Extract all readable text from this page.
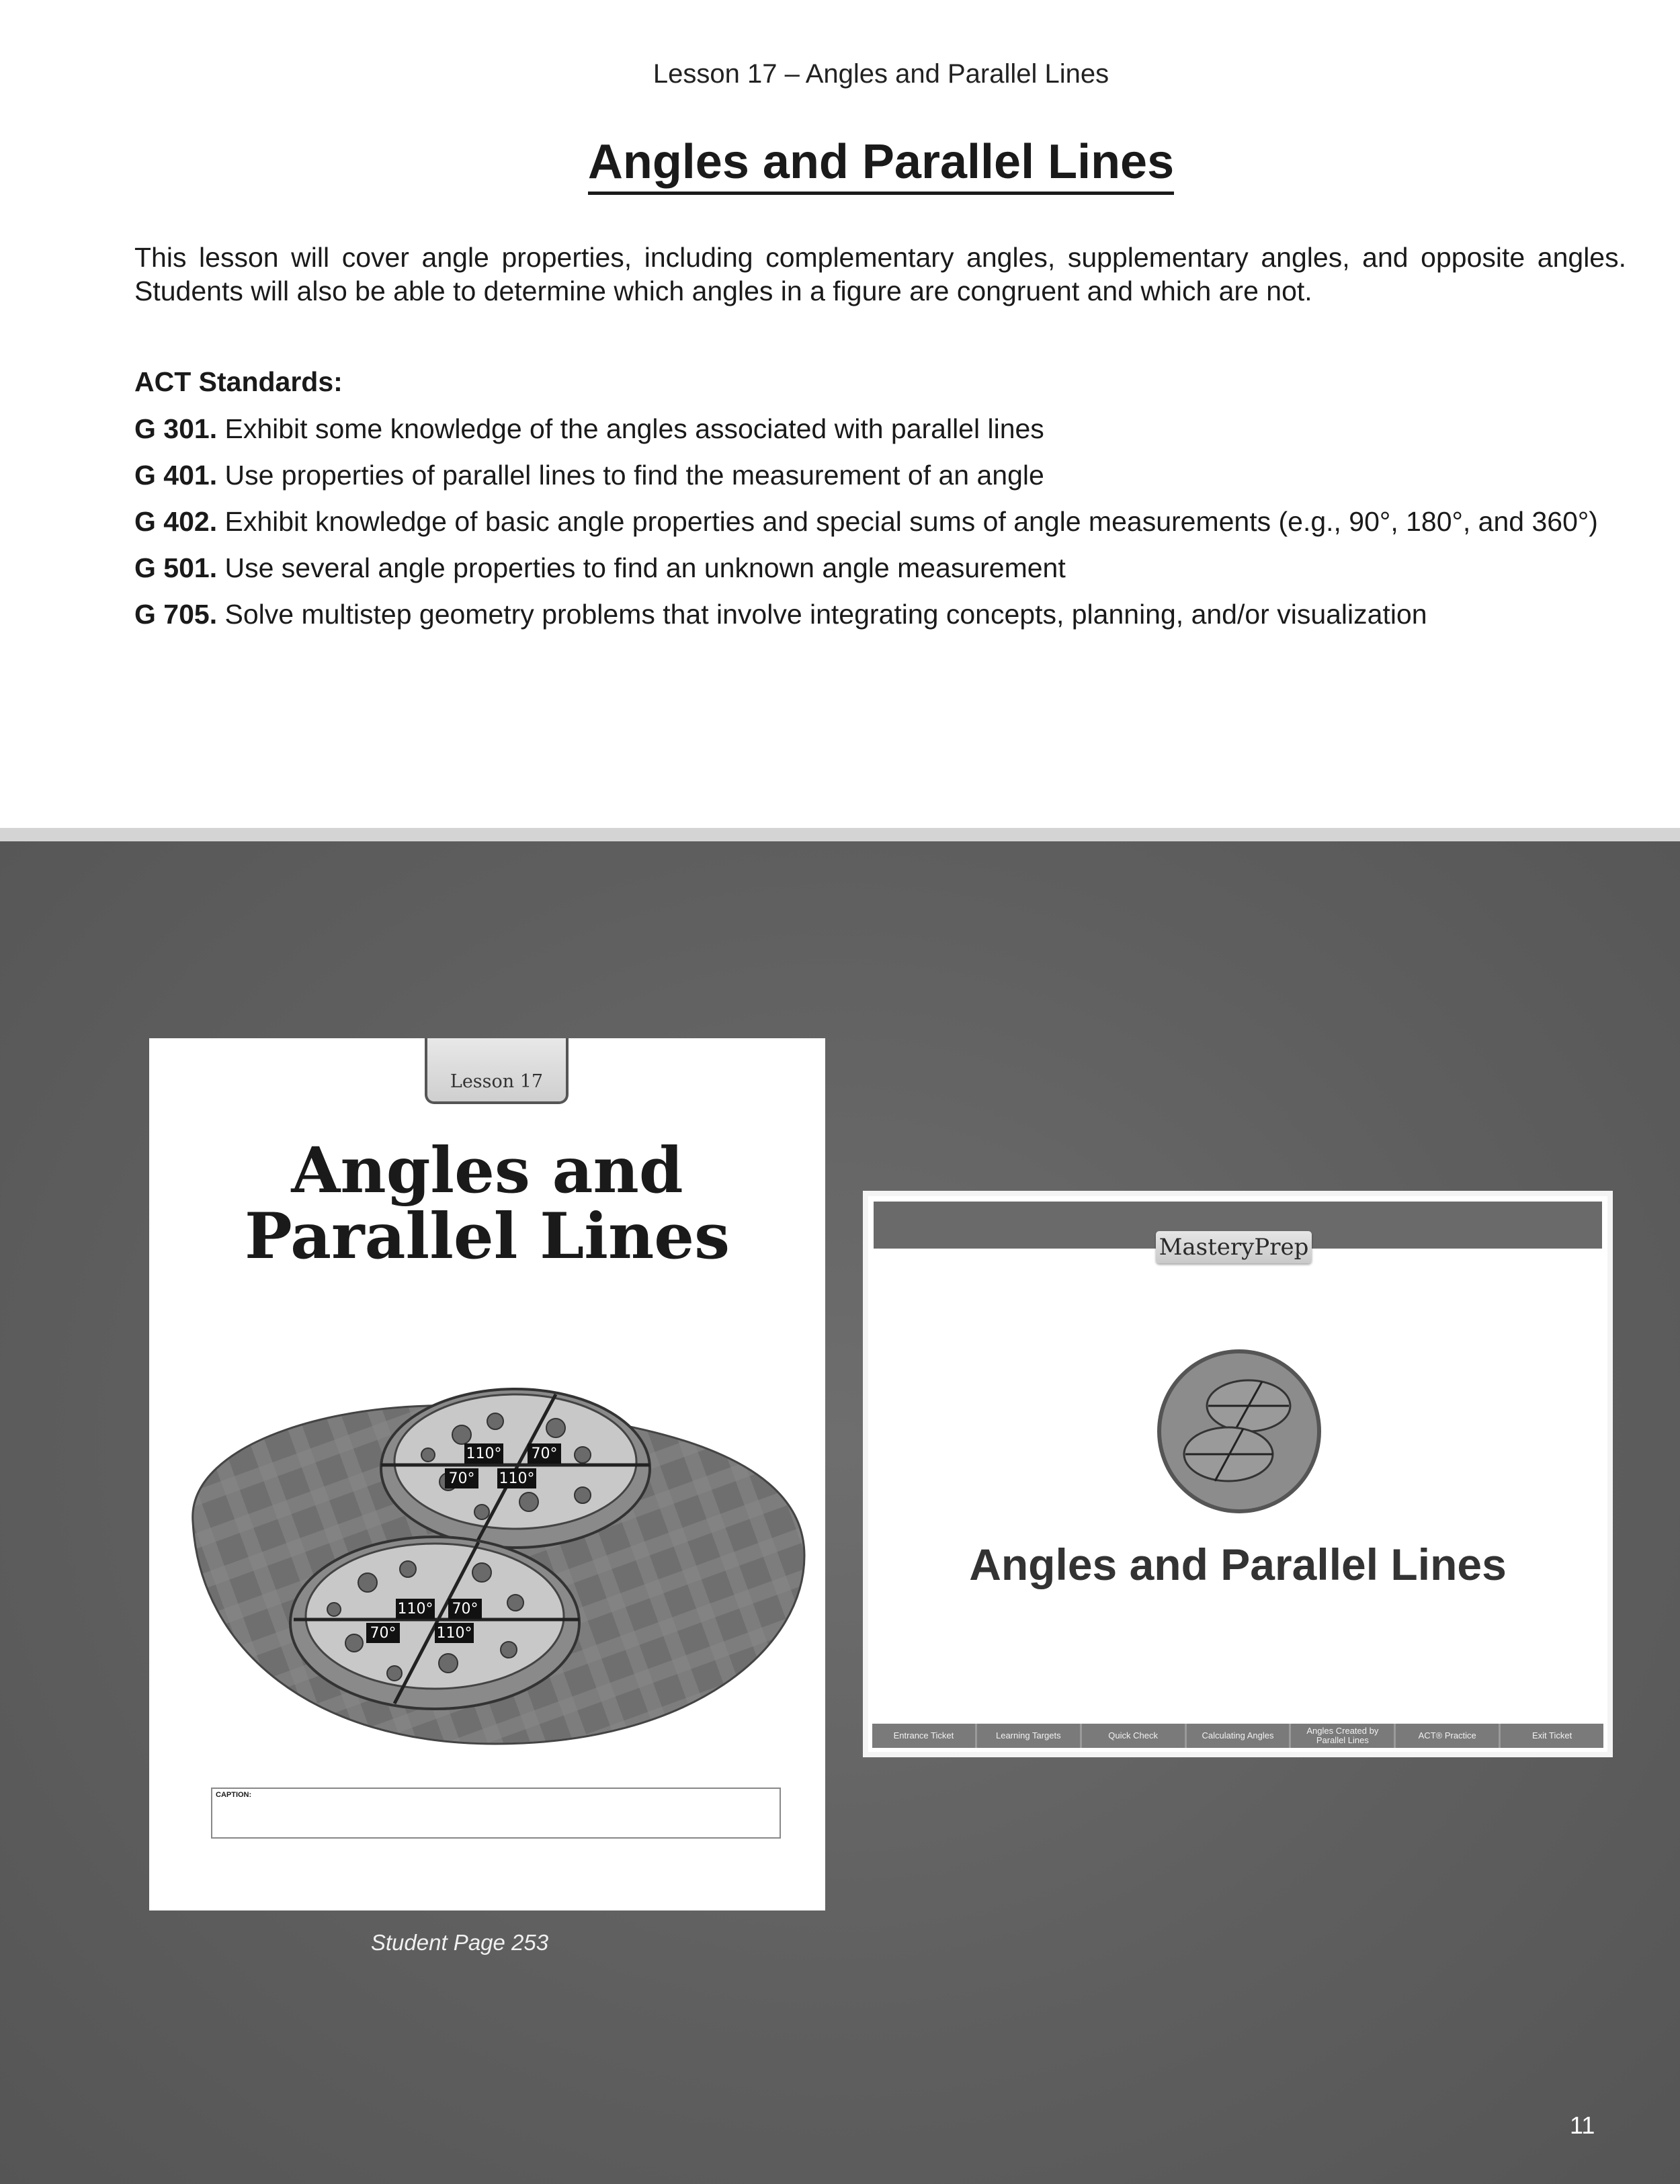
Lesson 17 – Angles and Parallel Lines
Angles and Parallel Lines
This lesson will cover angle properties, including complementary angles, supplementary angles, and opposite angles. Students will also be able to determine which angles in a figure are congruent and which are not.
ACT Standards:
G 301. Exhibit some knowledge of the angles associated with parallel lines
G 401. Use properties of parallel lines to find the measurement of an angle
G 402. Exhibit knowledge of basic angle properties and special sums of angle measurements (e.g., 90°, 180°, and 360°)
G 501. Use several angle properties to find an unknown angle measurement
G 705. Solve multistep geometry problems that involve integrating concepts, planning, and/or visualization
Lesson 17
Angles and
Parallel Lines
110° 70°
70° 110°
110° 70°
70°	110°
CAPTION:
Student Page 253
MasteryPrep
Angles and Parallel Lines
Entrance Ticket	Learning Targets	Quick Check	Calculating Angles	Angles Created by Parallel Lines	ACT® Practice	Exit Ticket
11
